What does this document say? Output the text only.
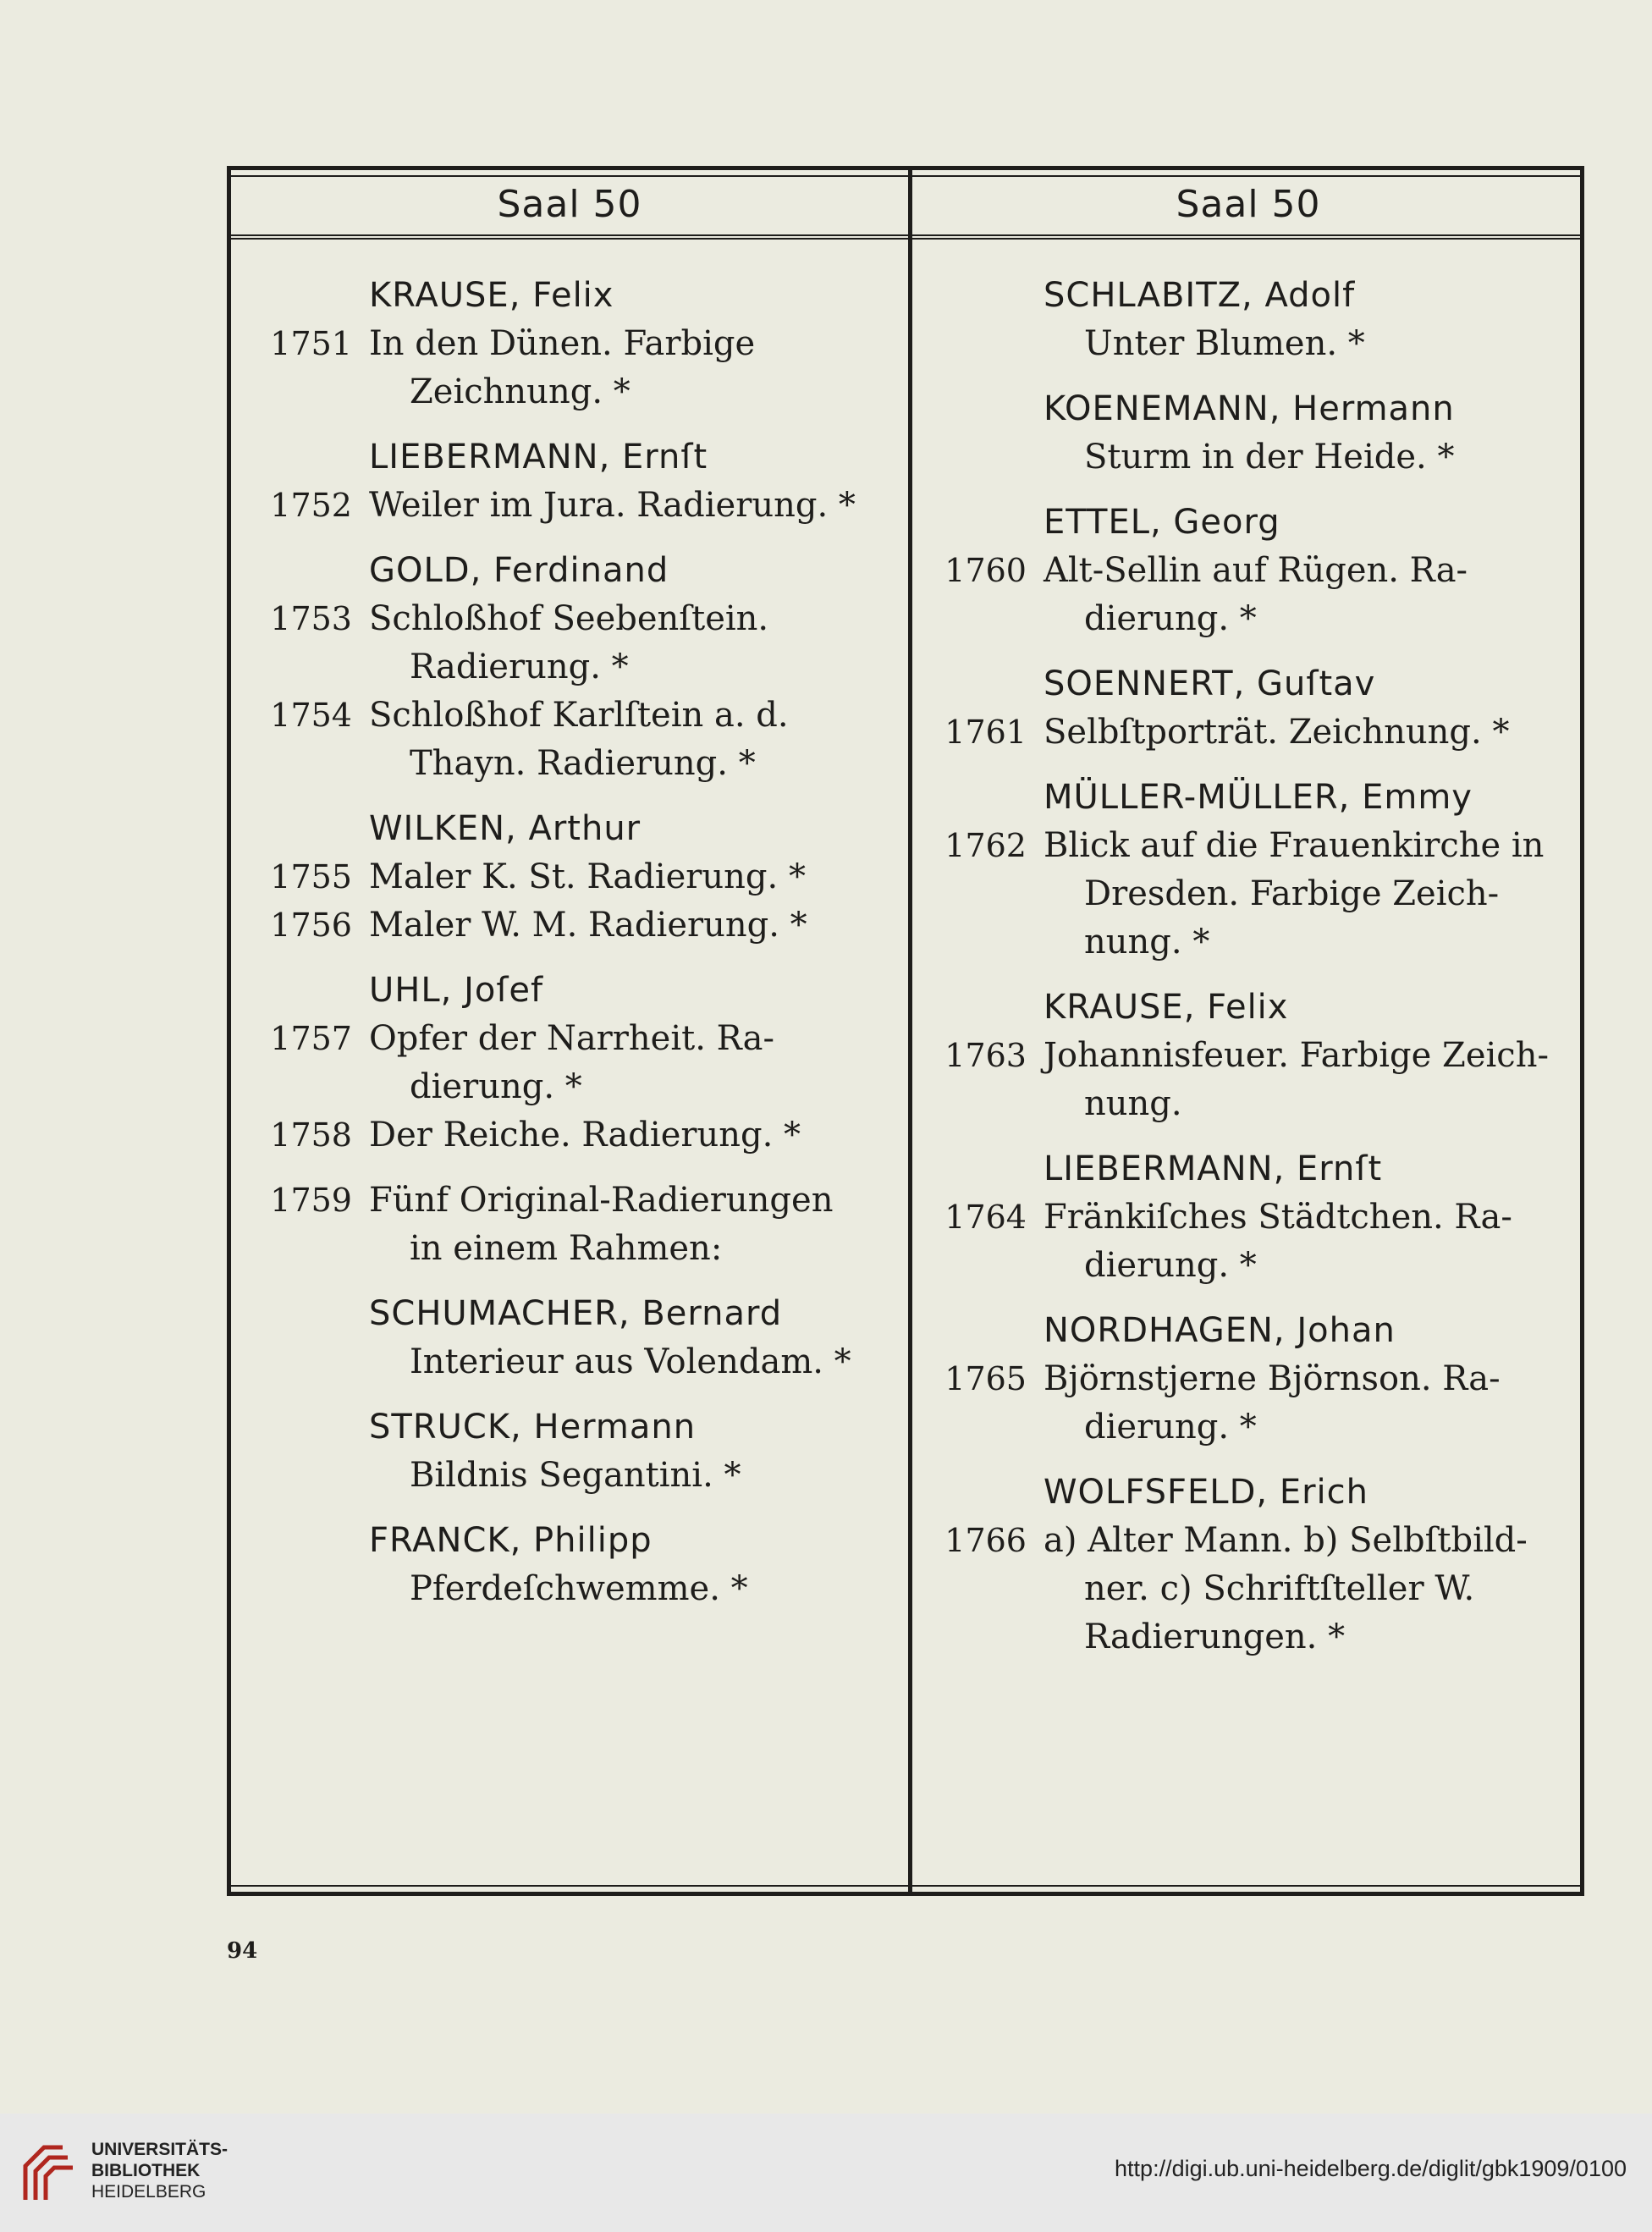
Saal 50	Saal 50
KRAUSE, Felix
1751 In den Dünen. Farbige
Zeichnung. *
LIEBERMANN, Ernſt
1752 Weiler im Jura. Radierung. *
GOLD, Ferdinand
1753 Schloßhof Seebenſtein.
Radierung. *
1754 Schloßhof Karlſtein a. d.
Thayn. Radierung. *
WILKEN, Arthur
1755 Maler K. St. Radierung. *
1756 Maler W. M. Radierung. *
UHL, Joſef
1757 Opfer der Narrheit. Ra-
dierung. *
1758 Der Reiche. Radierung. *
1759 Fünf Original-Radierungen
in einem Rahmen:
SCHUMACHER, Bernard
Interieur aus Volendam. *
STRUCK, Hermann
Bildnis Segantini. *
FRANCK, Philipp
Pferdeſchwemme. *
SCHLABITZ, Adolf
Unter Blumen. *
KOENEMANN, Hermann
Sturm in der Heide. *
ETTEL, Georg
1760 Alt-Sellin auf Rügen. Ra-
dierung. *
SOENNERT, Guſtav
1761 Selbſtporträt. Zeichnung. *
MÜLLER-MÜLLER, Emmy
1762 Blick auf die Frauenkirche in
Dresden. Farbige Zeich-
nung. *
KRAUSE, Felix
1763 Johannisfeuer. Farbige Zeich-
nung.
LIEBERMANN, Ernſt
1764 Fränkiſches Städtchen. Ra-
dierung. *
NORDHAGEN, Johan
1765 Björnstjerne Björnson. Ra-
dierung. *
WOLFSFELD, Erich
1766 a) Alter Mann. b) Selbſtbild-
ner. c) Schriftſteller W.
Radierungen. *
94
UNIVERSITÄTS-
BIBLIOTHEK
HEIDELBERG
http://digi.ub.uni-heidelberg.de/diglit/gbk1909/0100
